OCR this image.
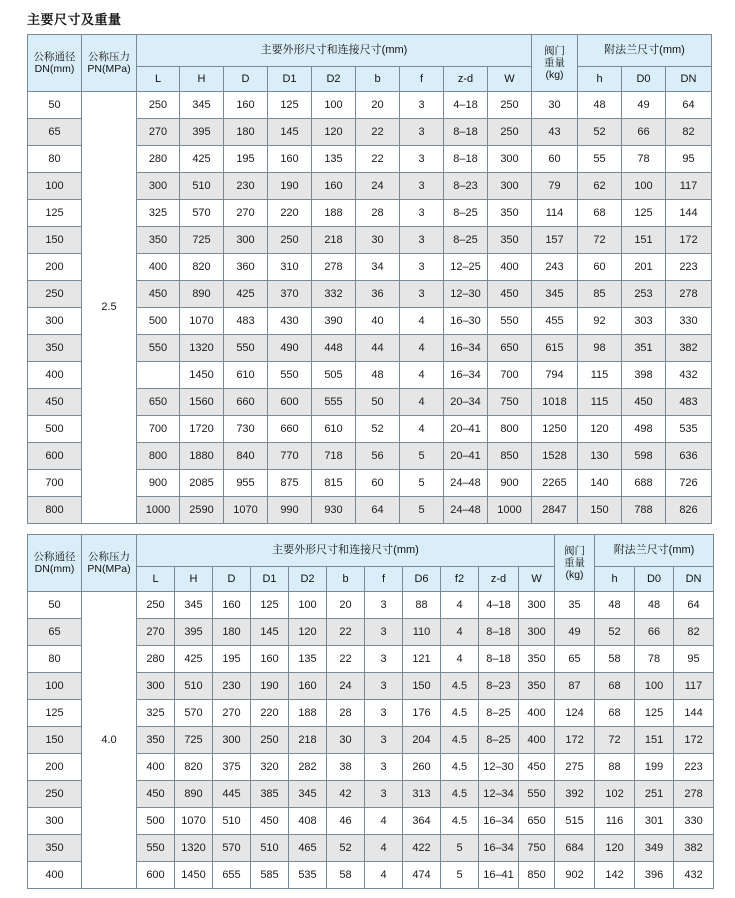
主要尺寸及重量
公称通径
DN(mm)	公称压力
PN(MPa)	主要外形尺寸和连接尺寸(mm)									阀门
重量
(kg)	附法兰尺寸(mm)		
		L	H	D	D1	D2	b	f	z-d	W		h	D0	DN
50	2.5	250	345	160	125	100	20	3	4–18	250	30	48	49	64
65		270	395	180	145	120	22	3	8–18	250	43	52	66	82
80		280	425	195	160	135	22	3	8–18	300	60	55	78	95
100		300	510	230	190	160	24	3	8–23	300	79	62	100	117
125		325	570	270	220	188	28	3	8–25	350	114	68	125	144
150		350	725	300	250	218	30	3	8–25	350	157	72	151	172
200		400	820	360	310	278	34	3	12–25	400	243	60	201	223
250		450	890	425	370	332	36	3	12–30	450	345	85	253	278
300		500	1070	483	430	390	40	4	16–30	550	455	92	303	330
350		550	1320	550	490	448	44	4	16–34	650	615	98	351	382
400			1450	610	550	505	48	4	16–34	700	794	115	398	432
450		650	1560	660	600	555	50	4	20–34	750	1018	115	450	483
500		700	1720	730	660	610	52	4	20–41	800	1250	120	498	535
600		800	1880	840	770	718	56	5	20–41	850	1528	130	598	636
700		900	2085	955	875	815	60	5	24–48	900	2265	140	688	726
800		1000	2590	1070	990	930	64	5	24–48	1000	2847	150	788	826
公称通径
DN(mm)	公称压力
PN(MPa)	主要外形尺寸和连接尺寸(mm)											阀门
重量
(kg)	附法兰尺寸(mm)		
		L	H	D	D1	D2	b	f	D6	f2	z-d	W		h	D0	DN
50	4.0	250	345	160	125	100	20	3	88	4	4–18	300	35	48	48	64
65		270	395	180	145	120	22	3	110	4	8–18	300	49	52	66	82
80		280	425	195	160	135	22	3	121	4	8–18	350	65	58	78	95
100		300	510	230	190	160	24	3	150	4.5	8–23	350	87	68	100	117
125		325	570	270	220	188	28	3	176	4.5	8–25	400	124	68	125	144
150		350	725	300	250	218	30	3	204	4.5	8–25	400	172	72	151	172
200		400	820	375	320	282	38	3	260	4.5	12–30	450	275	88	199	223
250		450	890	445	385	345	42	3	313	4.5	12–34	550	392	102	251	278
300		500	1070	510	450	408	46	4	364	4.5	16–34	650	515	116	301	330
350		550	1320	570	510	465	52	4	422	5	16–34	750	684	120	349	382
400		600	1450	655	585	535	58	4	474	5	16–41	850	902	142	396	432
